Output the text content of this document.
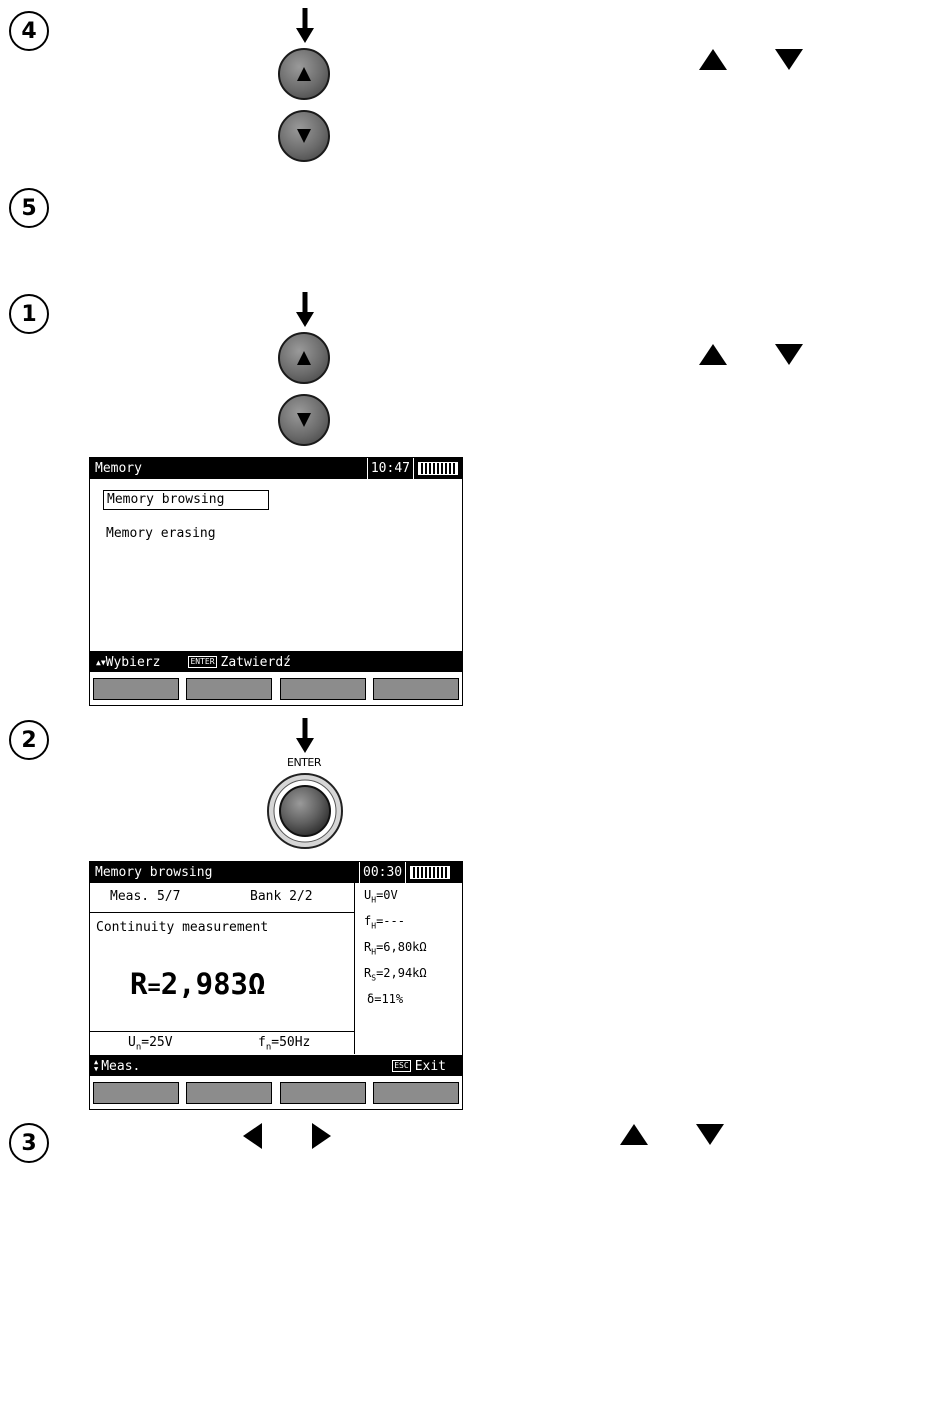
4
5
1
Memory	10:47
Memory browsing
Memory erasing
▲▼ Wybierz	ENTER Zatwierdź
2
ENTER
Memory browsing	00:30
Meas. 5/7	Bank 2/2
Continuity measurement
R=2,983Ω
$U_n=25V$	$f_n=50Hz$
$U_H=0V$
$f_H=---$
$R_H=6,80k\Omega$
$R_S=2,94k\Omega$
δ=11%
▲
▼ Meas.	ESC Exit
3
